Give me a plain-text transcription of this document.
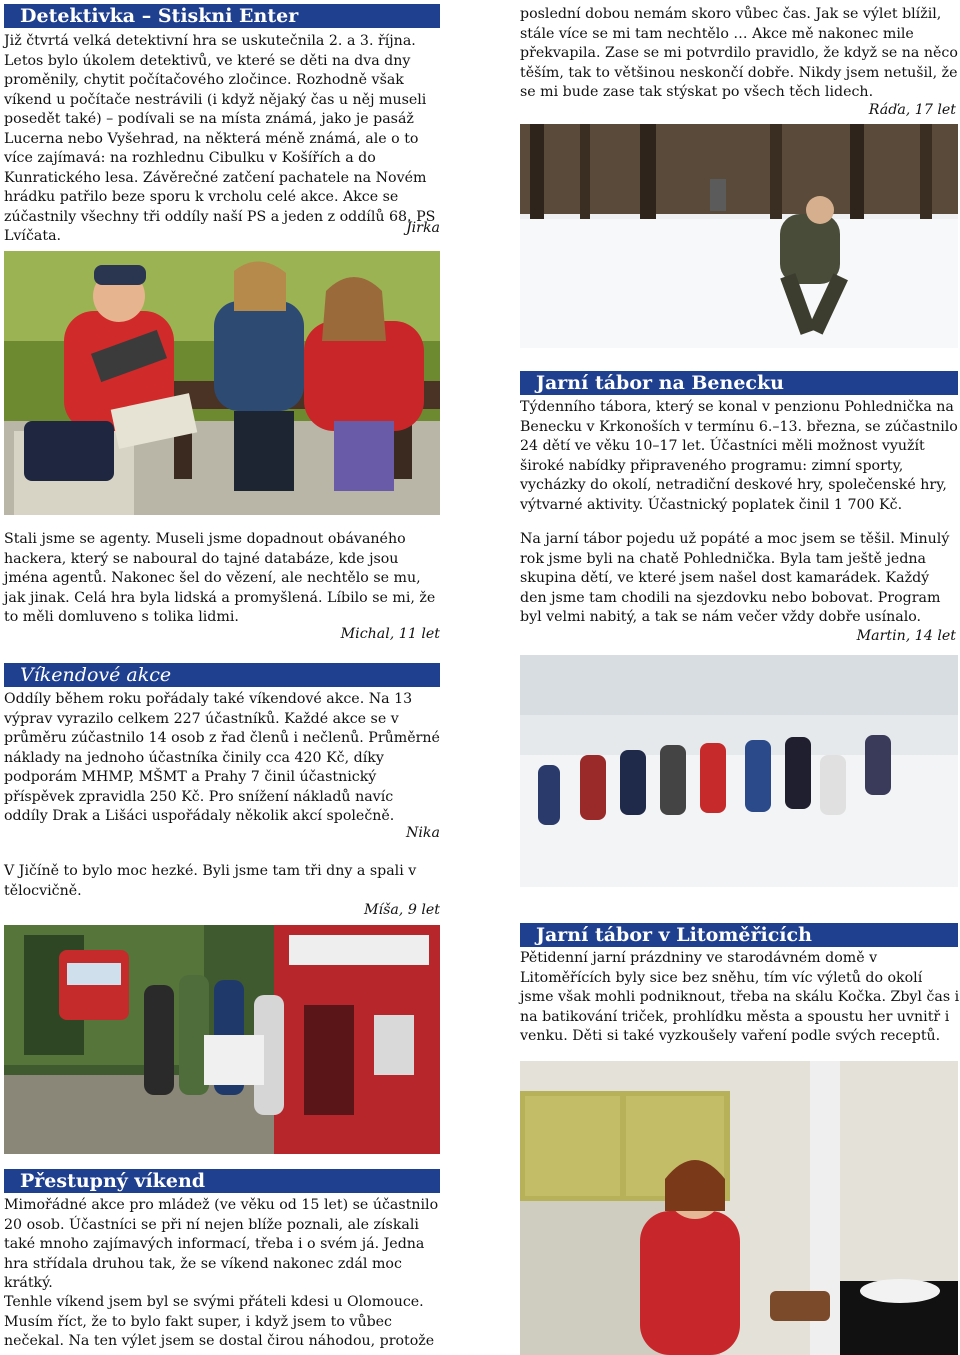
Detektivka – Stiskni Enter

Již čtvrtá velká detektivní hra se uskutečnila 2. a 3. října. Letos bylo úkolem detektivů, ve které se děti na dva dny proměnily, chytit počítačového zločince. Rozhodně však víkend u počítače nestrávili (i když nějaký čas u něj museli posedět také) – podívali se na místa známá, jako je pasáž Lucerna nebo Vyšehrad, na některá méně známá, ale o to více zajímavá: na rozhlednu Cibulku v Košířích a do Kunratického lesa. Závěrečné zatčení pachatele na Novém hrádku patřilo beze sporu k vrcholu celé akce. Akce se zúčastnily všechny tři oddíly naší PS a jeden z oddílů 68. PS Lvíčata.	Jirka

Stali jsme se agenty. Museli jsme dopadnout obávaného hackera, který se naboural do tajné databáze, kde jsou jména agentů. Nakonec šel do vězení, ale nechtělo se mu, jak jinak. Celá hra byla lidská a promyšlená. Líbilo se mi, že to měli domluveno s tolika lidmi.

Michal, 11 let

Víkendové akce

Oddíly během roku pořádaly také víkendové akce. Na 13 výprav vyrazilo celkem 227 účastníků. Každé akce se v průměru zúčastnilo 14 osob z řad členů i nečlenů. Průměrné náklady na jednoho účastníka činily cca 420 Kč, díky podporám MHMP, MŠMT a Prahy 7 činil účastnický příspěvek zpravidla 250 Kč. Pro snížení nákladů navíc oddíly Drak a Lišáci uspořádaly několik akcí společně.

Nika

V Jičíně to bylo moc hezké. Byli jsme tam tři dny a spali v tělocvičně.

Míša, 9 let

Přestupný víkend

Mimořádné akce pro mládež (ve věku od 15 let) se účastnilo 20 osob. Účastníci se při ní nejen blíže poznali, ale získali také mnoho zajímavých informací, třeba i o svém já. Jedna hra střídala druhou tak, že se víkend nakonec zdál moc krátký.

Tenhle víkend jsem byl se svými přáteli kdesi u Olomouce. Musím říct, že to bylo fakt super, i když jsem to vůbec nečekal. Na ten výlet jsem se dostal čirou náhodou, protože

poslední dobou nemám skoro vůbec čas. Jak se výlet blížil, stále více se mi tam nechtělo … Akce mě nakonec mile překvapila. Zase se mi potvrdilo pravidlo, že když se na něco těším, tak to většinou neskončí dobře. Nikdy jsem netušil, že se mi bude zase tak stýskat po všech těch lidech.

Ráďa, 17 let

Jarní tábor na Benecku

Týdenního tábora, který se konal v penzionu Pohlednička na Benecku v Krkonoších v termínu 6.–13. března, se zúčastnilo 24 dětí ve věku 10–17 let. Účastníci měli možnost využít široké nabídky připraveného programu: zimní sporty, vycházky do okolí, netradiční deskové hry, společenské hry, výtvarné aktivity. Účastnický poplatek činil 1 700 Kč.

Na jarní tábor pojedu už popáté a moc jsem se těšil. Minulý rok jsme byli na chatě Pohlednička. Byla tam ještě jedna skupina dětí, ve které jsem našel dost kamarádek. Každý den jsme tam chodili na sjezdovku nebo bobovat. Program byl velmi nabitý, a tak se nám večer vždy dobře usínalo.

Martin, 14 let

Jarní tábor v Litoměřicích

Pětidenní jarní prázdniny ve starodávném domě v Litoměřících byly sice bez sněhu, tím víc výletů do okolí jsme však mohli podniknout, třeba na skálu Kočka. Zbyl čas i na batikování triček, prohlídku města a spoustu her uvnitř i venku. Děti si také vyzkoušely vaření podle svých receptů.
